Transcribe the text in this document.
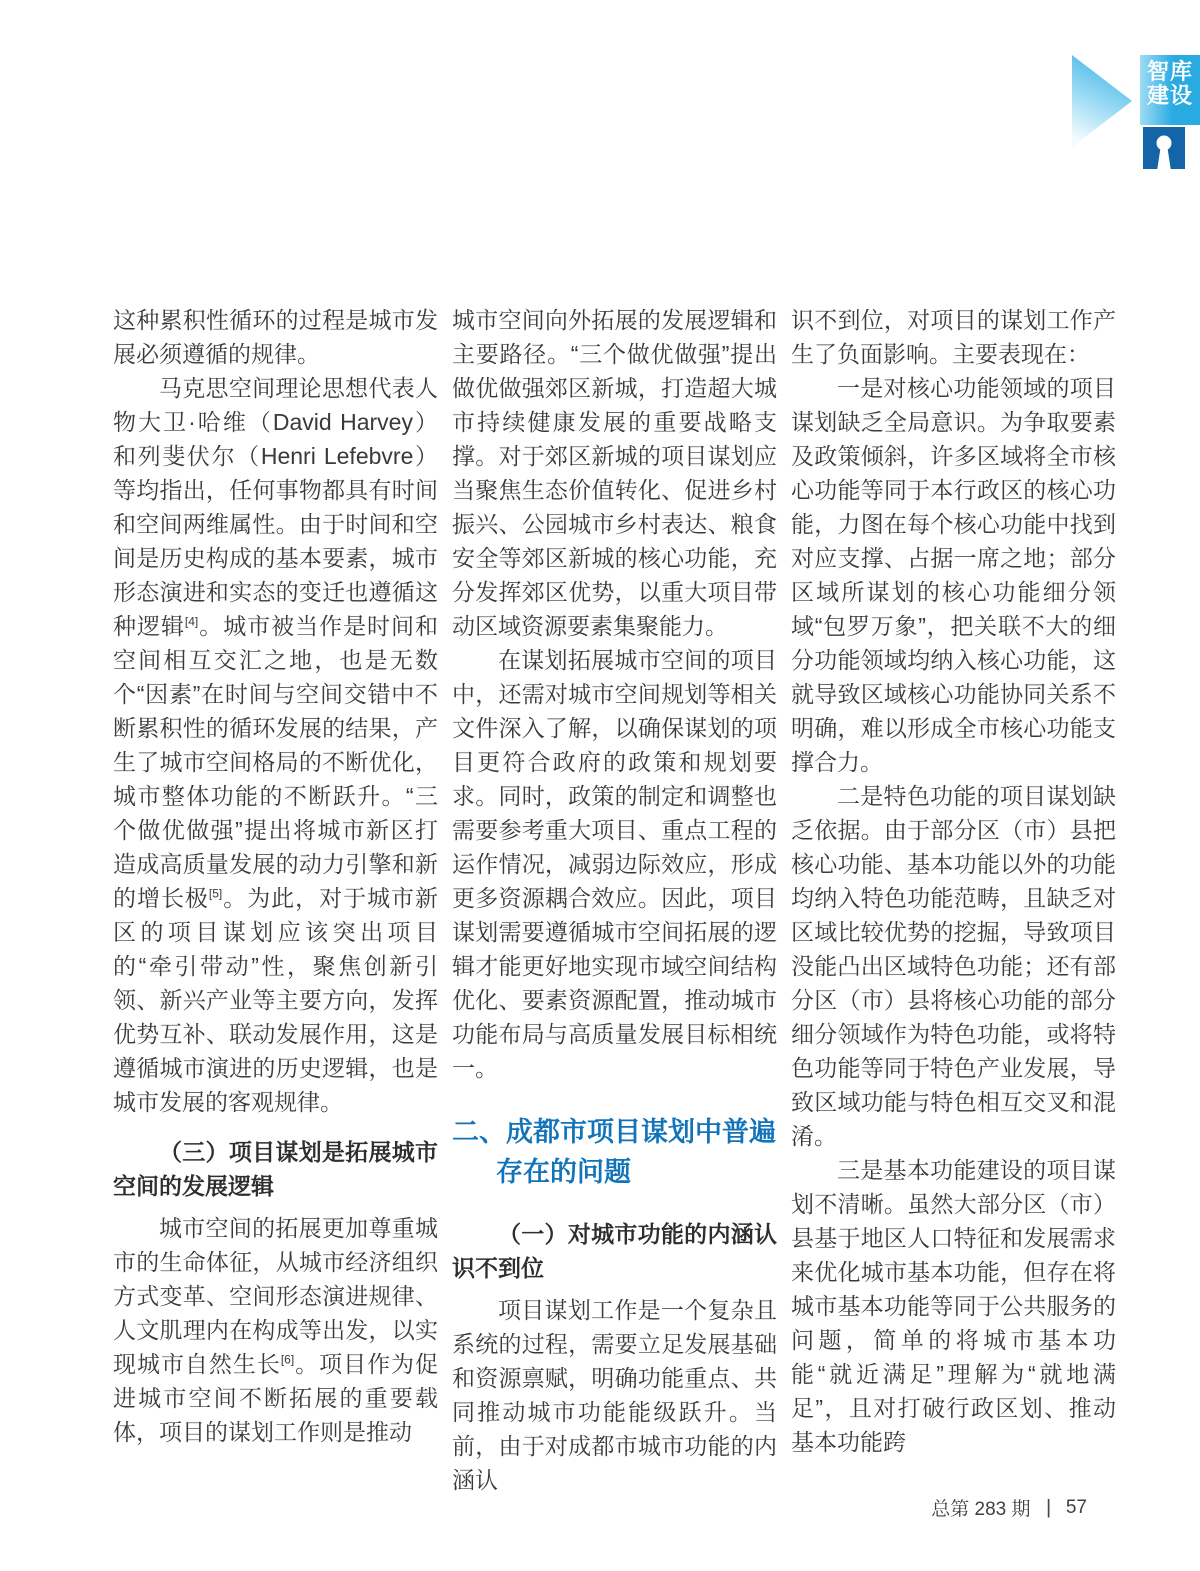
智库
建设

这种累积性循环的过程是城市发展必须遵循的规律。

马克思空间理论思想代表人物大卫·哈维（David Harvey）和列斐伏尔（Henri Lefebvre）等均指出，任何事物都具有时间和空间两维属性。由于时间和空间是历史构成的基本要素，城市形态演进和实态的变迁也遵循这种逻辑[4]。城市被当作是时间和空间相互交汇之地，也是无数个“因素”在时间与空间交错中不断累积性的循环发展的结果，产生了城市空间格局的不断优化，城市整体功能的不断跃升。“三个做优做强”提出将城市新区打造成高质量发展的动力引擎和新的增长极[5]。为此，对于城市新区的项目谋划应该突出项目的“牵引带动”性，聚焦创新引领、新兴产业等主要方向，发挥优势互补、联动发展作用，这是遵循城市演进的历史逻辑，也是城市发展的客观规律。

（三）项目谋划是拓展城市空间的发展逻辑

城市空间的拓展更加尊重城市的生命体征，从城市经济组织方式变革、空间形态演进规律、人文肌理内在构成等出发，以实现城市自然生长[6]。项目作为促进城市空间不断拓展的重要载体，项目的谋划工作则是推动

城市空间向外拓展的发展逻辑和主要路径。“三个做优做强”提出做优做强郊区新城，打造超大城市持续健康发展的重要战略支撑。对于郊区新城的项目谋划应当聚焦生态价值转化、促进乡村振兴、公园城市乡村表达、粮食安全等郊区新城的核心功能，充分发挥郊区优势，以重大项目带动区域资源要素集聚能力。

在谋划拓展城市空间的项目中，还需对城市空间规划等相关文件深入了解，以确保谋划的项目更符合政府的政策和规划要求。同时，政策的制定和调整也需要参考重大项目、重点工程的运作情况，减弱边际效应，形成更多资源耦合效应。因此，项目谋划需要遵循城市空间拓展的逻辑才能更好地实现市域空间结构优化、要素资源配置，推动城市功能布局与高质量发展目标相统一。

二、成都市项目谋划中普遍存在的问题

（一）对城市功能的内涵认识不到位

项目谋划工作是一个复杂且系统的过程，需要立足发展基础和资源禀赋，明确功能重点、共同推动城市功能能级跃升。当前，由于对成都市城市功能的内涵认

识不到位，对项目的谋划工作产生了负面影响。主要表现在：

一是对核心功能领域的项目谋划缺乏全局意识。为争取要素及政策倾斜，许多区域将全市核心功能等同于本行政区的核心功能，力图在每个核心功能中找到对应支撑、占据一席之地；部分区域所谋划的核心功能细分领域“包罗万象”，把关联不大的细分功能领域均纳入核心功能，这就导致区域核心功能协同关系不明确，难以形成全市核心功能支撑合力。

二是特色功能的项目谋划缺乏依据。由于部分区（市）县把核心功能、基本功能以外的功能均纳入特色功能范畴，且缺乏对区域比较优势的挖掘，导致项目没能凸出区域特色功能；还有部分区（市）县将核心功能的部分细分领域作为特色功能，或将特色功能等同于特色产业发展，导致区域功能与特色相互交叉和混淆。

三是基本功能建设的项目谋划不清晰。虽然大部分区（市）县基于地区人口特征和发展需求来优化城市基本功能，但存在将城市基本功能等同于公共服务的问题，简单的将城市基本功能“就近满足”理解为“就地满足”，且对打破行政区划、推动基本功能跨

总第 283 期 | 57
